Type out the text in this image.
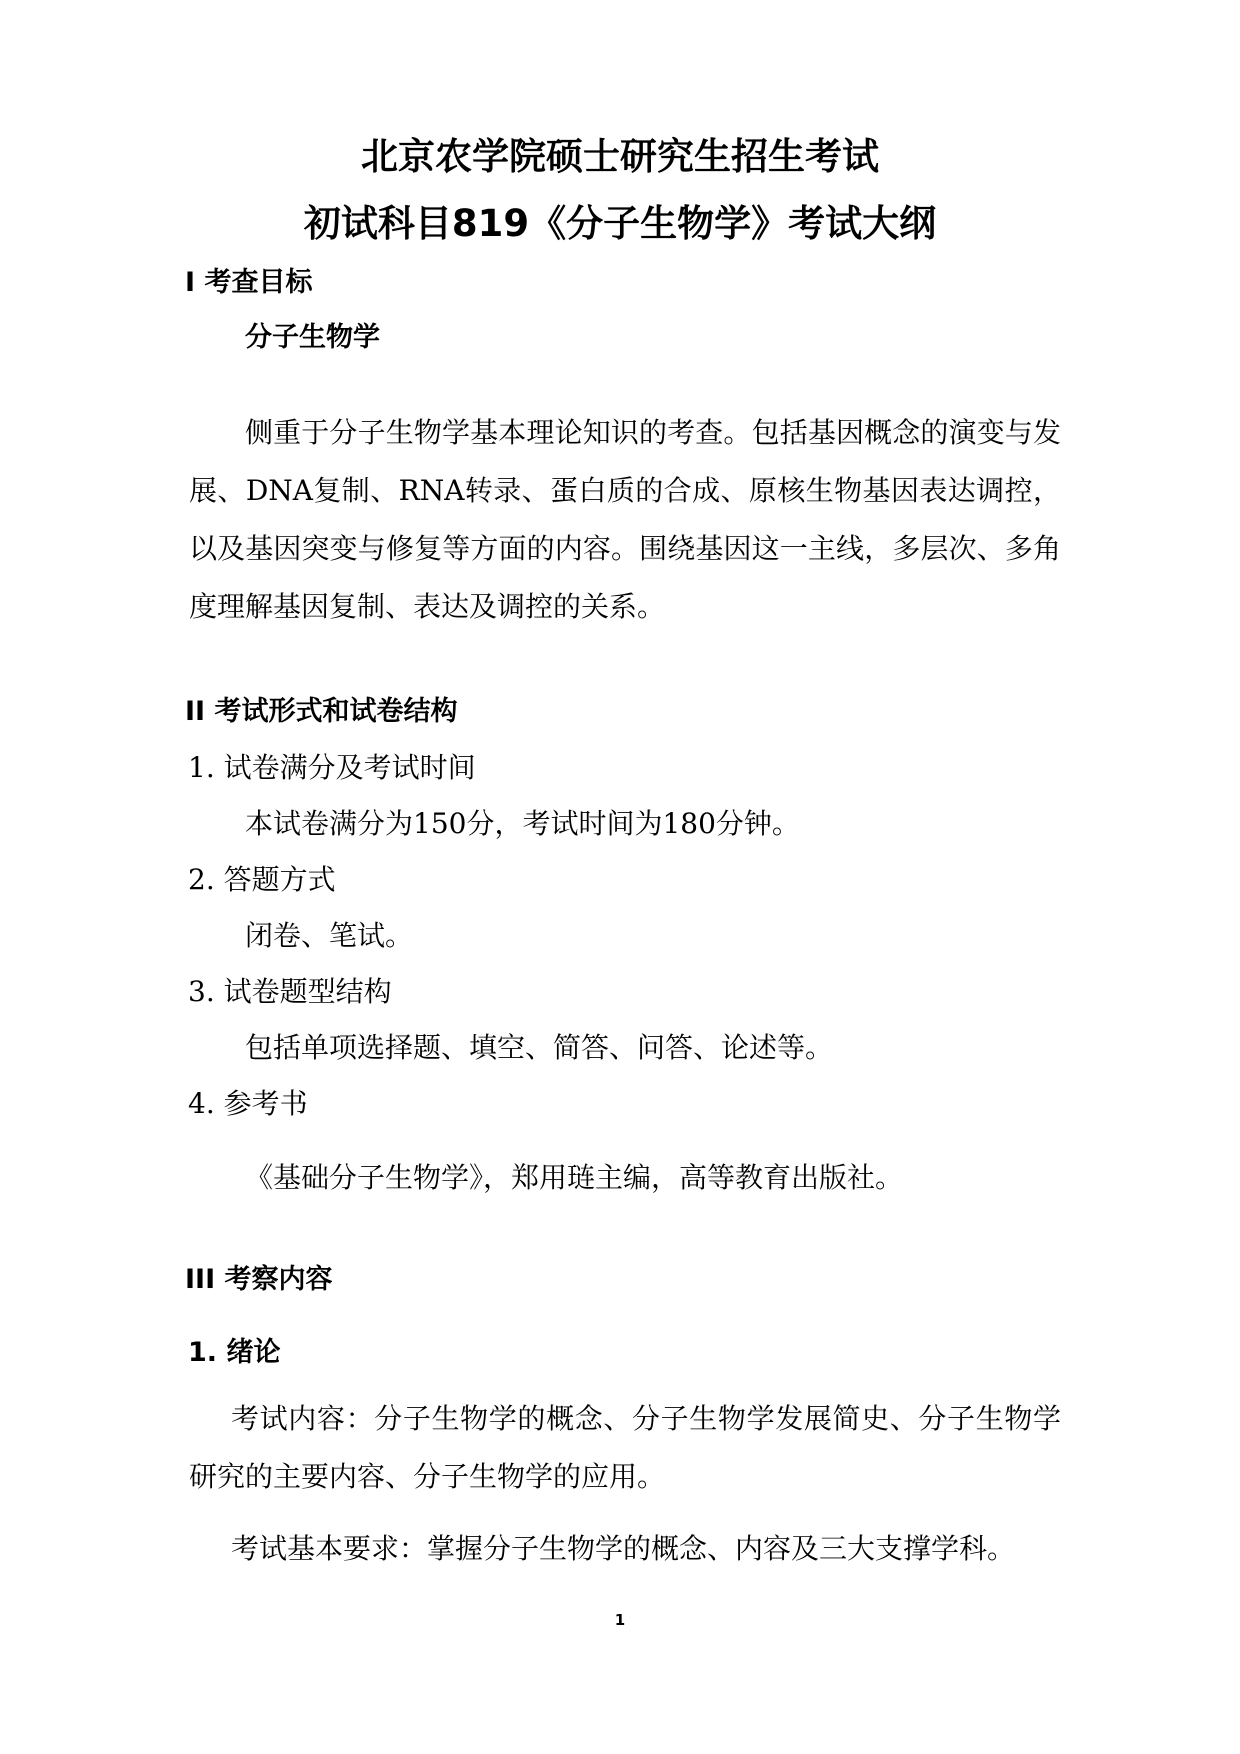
北京农学院硕士研究生招生考试
初试科目819《分子生物学》考试大纲
I 考查目标
分子生物学
侧重于分子生物学基本理论知识的考查。包括基因概念的演变与发展、DNA复制、RNA转录、蛋白质的合成、原核生物基因表达调控，以及基因突变与修复等方面的内容。围绕基因这一主线，多层次、多角度理解基因复制、表达及调控的关系。
II 考试形式和试卷结构
1. 试卷满分及考试时间
本试卷满分为150分，考试时间为180分钟。
2. 答题方式
闭卷、笔试。
3. 试卷题型结构
包括单项选择题、填空、简答、问答、论述等。
4. 参考书
《基础分子生物学》，郑用琏主编，高等教育出版社。
III 考察内容
1. 绪论
考试内容：分子生物学的概念、分子生物学发展简史、分子生物学研究的主要内容、分子生物学的应用。
考试基本要求：掌握分子生物学的概念、内容及三大支撑学科。
1
